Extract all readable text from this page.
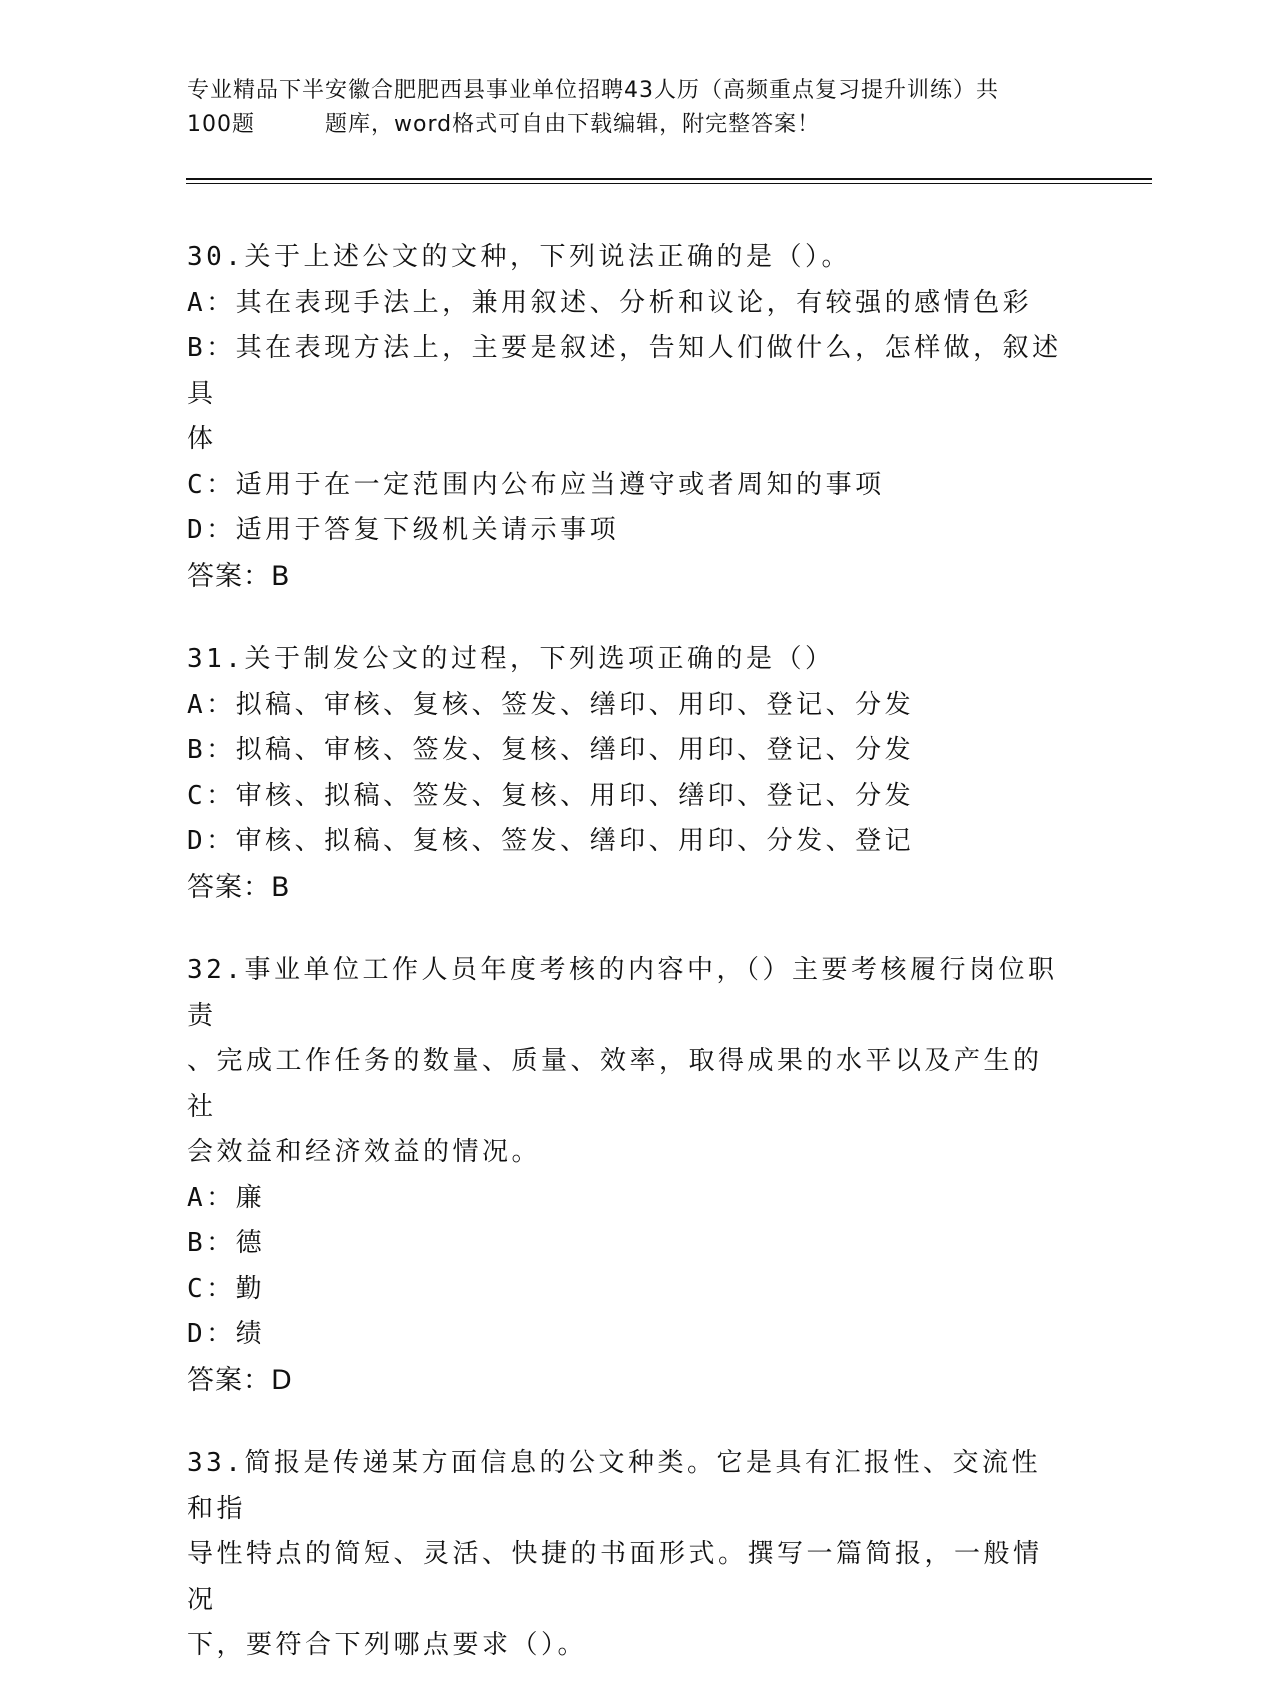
专业精品下半安徽合肥肥西县事业单位招聘43人历（高频重点复习提升训练）共
100题	题库，word格式可自由下载编辑，附完整答案！

30.关于上述公文的文种，下列说法正确的是（）。

A：其在表现手法上，兼用叙述、分析和议论，有较强的感情色彩

B：其在表现方法上，主要是叙述，告知人们做什么，怎样做，叙述具

体

C：适用于在一定范围内公布应当遵守或者周知的事项

D：适用于答复下级机关请示事项

答案：B

31.关于制发公文的过程，下列选项正确的是（）

A：拟稿、审核、复核、签发、缮印、用印、登记、分发

B：拟稿、审核、签发、复核、缮印、用印、登记、分发

C：审核、拟稿、签发、复核、用印、缮印、登记、分发

D：审核、拟稿、复核、签发、缮印、用印、分发、登记

答案：B

32.事业单位工作人员年度考核的内容中，（）主要考核履行岗位职责

、完成工作任务的数量、质量、效率，取得成果的水平以及产生的社

会效益和经济效益的情况。

A：廉

B：德

C：勤

D：绩

答案：D

33.简报是传递某方面信息的公文种类。它是具有汇报性、交流性和指

导性特点的简短、灵活、快捷的书面形式。撰写一篇简报，一般情况

下，要符合下列哪点要求（）。
